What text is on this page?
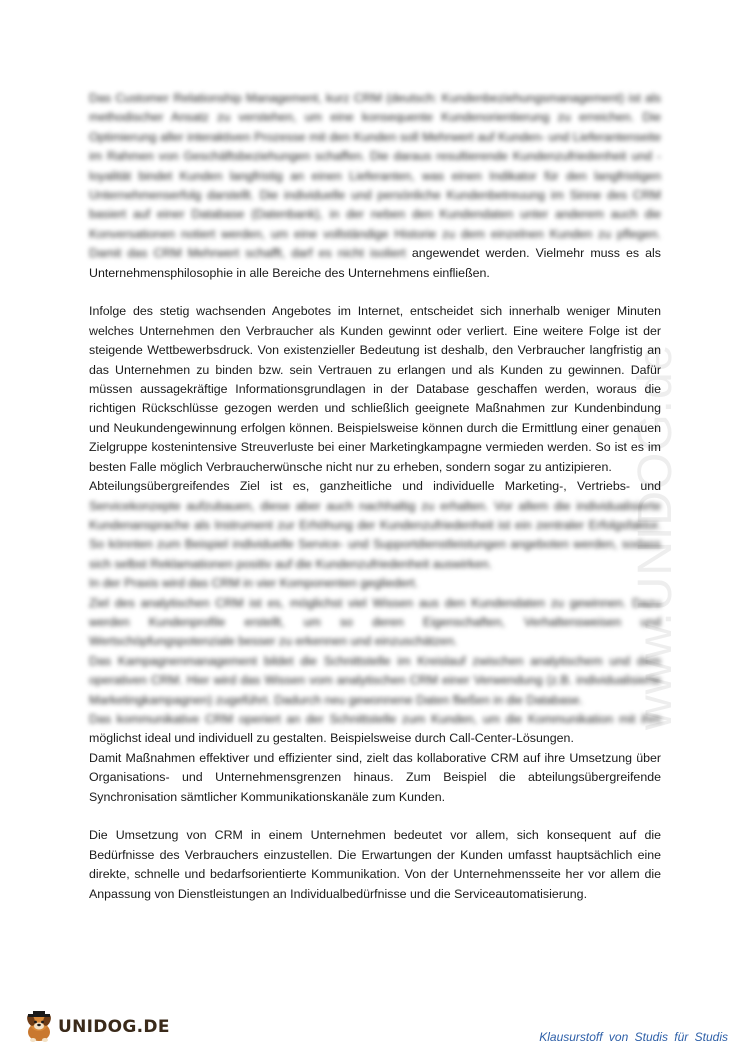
www.UNIDOG.de

Das Customer Relationship Management, kurz CRM (deutsch: Kundenbeziehungsmanagement) ist als methodischer Ansatz zu verstehen, um eine konsequente Kundenorientierung zu erreichen. Die Optimierung aller interaktiven Prozesse mit den Kunden soll Mehrwert auf Kunden- und Lieferantenseite im Rahmen von Geschäftsbeziehungen schaffen. Die daraus resultierende Kundenzufriedenheit und -loyalität bindet Kunden langfristig an einen Lieferanten, was einen Indikator für den langfristigen Unternehmenserfolg darstellt. Die individuelle und persönliche Kundenbetreuung im Sinne des CRM basiert auf einer Database (Datenbank), in der neben den Kundendaten unter anderem auch die Konversationen notiert werden, um eine vollständige Historie zu dem einzelnen Kunden zu pflegen. Damit das CRM Mehrwert schafft, darf es nicht isoliert angewendet werden. Vielmehr muss es als Unternehmensphilosophie in alle Bereiche des Unternehmens einfließen.

Infolge des stetig wachsenden Angebotes im Internet, entscheidet sich innerhalb weniger Minuten welches Unternehmen den Verbraucher als Kunden gewinnt oder verliert. Eine weitere Folge ist der steigende Wettbewerbsdruck. Von existenzieller Bedeutung ist deshalb, den Verbraucher langfristig an das Unternehmen zu binden bzw. sein Vertrauen zu erlangen und als Kunden zu gewinnen. Dafür müssen aussagekräftige Informationsgrundlagen in der Database geschaffen werden, woraus die richtigen Rückschlüsse gezogen werden und schließlich geeignete Maßnahmen zur Kundenbindung und Neukundengewinnung erfolgen können. Beispielsweise können durch die Ermittlung einer genauen Zielgruppe kostenintensive Streuverluste bei einer Marketingkampagne vermieden werden. So ist es im besten Falle möglich Verbraucherwünsche nicht nur zu erheben, sondern sogar zu antizipieren.

Abteilungsübergreifendes Ziel ist es, ganzheitliche und individuelle Marketing-, Vertriebs- und Servicekonzepte aufzubauen, diese aber auch nachhaltig zu erhalten. Vor allem die individualisierte Kundenansprache als Instrument zur Erhöhung der Kundenzufriedenheit ist ein zentraler Erfolgsfaktor. So könnten zum Beispiel individuelle Service- und Supportdienstleistungen angeboten werden, sodass sich selbst Reklamationen positiv auf die Kundenzufriedenheit auswirken.

In der Praxis wird das CRM in vier Komponenten gegliedert.

Ziel des analytischen CRM ist es, möglichst viel Wissen aus den Kundendaten zu gewinnen. Dazu werden Kundenprofile erstellt, um so deren Eigenschaften, Verhaltensweisen und Wertschöpfungspotenziale besser zu erkennen und einzuschätzen.

Das Kampagnenmanagement bildet die Schnittstelle im Kreislauf zwischen analytischem und dem operativen CRM. Hier wird das Wissen vom analytischen CRM einer Verwendung (z.B. individualisierte Marketingkampagnen) zugeführt. Dadurch neu gewonnene Daten fließen in die Database.

Das kommunikative CRM operiert an der Schnittstelle zum Kunden, um die Kommunikation mit ihm möglichst ideal und individuell zu gestalten. Beispielsweise durch Call-Center-Lösungen.

Damit Maßnahmen effektiver und effizienter sind, zielt das kollaborative CRM auf ihre Umsetzung über Organisations- und Unternehmensgrenzen hinaus. Zum Beispiel die abteilungsübergreifende Synchronisation sämtlicher Kommunikationskanäle zum Kunden.

Die Umsetzung von CRM in einem Unternehmen bedeutet vor allem, sich konsequent auf die Bedürfnisse des Verbrauchers einzustellen. Die Erwartungen der Kunden umfasst hauptsächlich eine direkte, schnelle und bedarfsorientierte Kommunikation. Von der Unternehmensseite her vor allem die Anpassung von Dienstleistungen an Individualbedürfnisse und die Serviceautomatisierung.

UNIDOG.DE	Klausurstoff von Studis für Studis
